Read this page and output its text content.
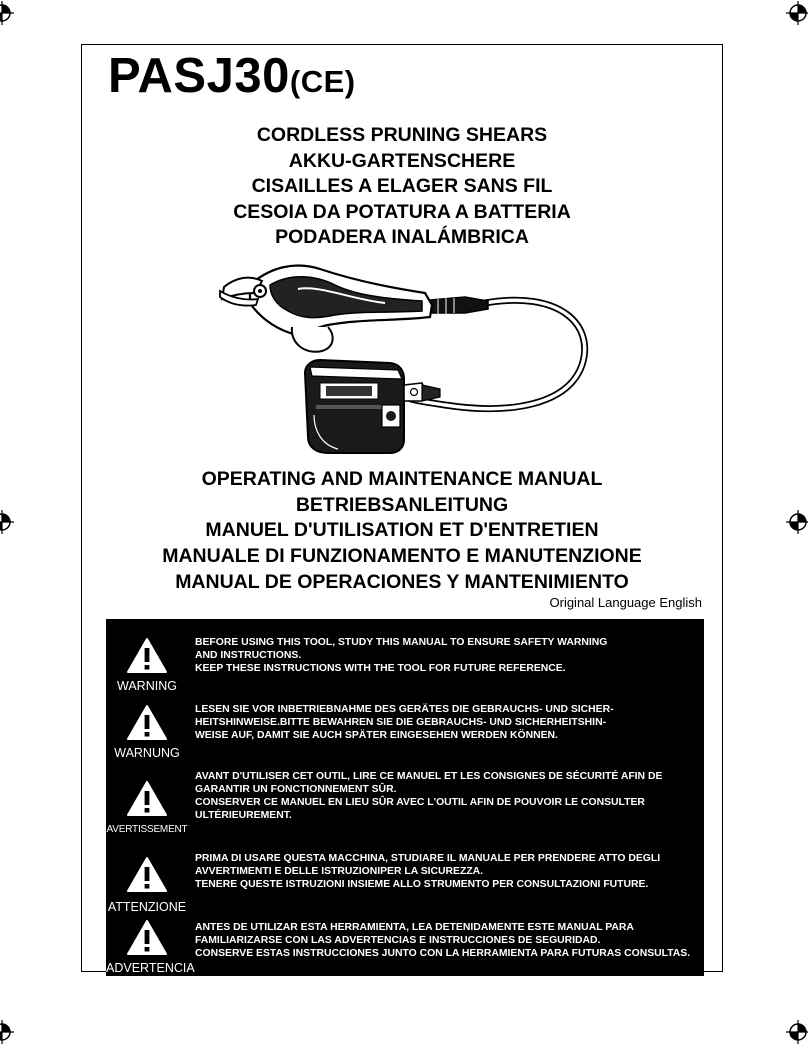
PASJ30(CE)
CORDLESS PRUNING SHEARS
AKKU-GARTENSCHERE
CISAILLES A ELAGER SANS FIL
CESOIA DA POTATURA A BATTERIA
PODADERA INALÁMBRICA
OPERATING AND MAINTENANCE MANUAL
BETRIEBSANLEITUNG
MANUEL D'UTILISATION ET D'ENTRETIEN
MANUALE DI FUNZIONAMENTO E MANUTENZIONE
MANUAL DE OPERACIONES Y MANTENIMIENTO
Original Language English
WARNING
BEFORE USING THIS TOOL, STUDY THIS MANUAL TO ENSURE SAFETY WARNING
AND INSTRUCTIONS.
KEEP THESE INSTRUCTIONS WITH THE TOOL FOR FUTURE REFERENCE.
WARNUNG
LESEN SIE VOR INBETRIEBNAHME DES GERÄTES DIE GEBRAUCHS- UND SICHER-
HEITSHINWEISE.BITTE BEWAHREN SIE DIE GEBRAUCHS- UND SICHERHEITSHIN-
WEISE AUF, DAMIT SIE AUCH SPÄTER EINGESEHEN WERDEN KÖNNEN.
AVERTISSEMENT
AVANT D'UTILISER CET OUTIL, LIRE CE MANUEL ET LES CONSIGNES DE SÉCURITÉ AFIN DE
GARANTIR UN FONCTIONNEMENT SÛR.
CONSERVER CE MANUEL EN LIEU SÛR AVEC L'OUTIL AFIN DE POUVOIR LE CONSULTER
ULTÉRIEUREMENT.
ATTENZIONE
PRIMA DI USARE QUESTA MACCHINA, STUDIARE IL MANUALE PER PRENDERE ATTO DEGLI
AVVERTIMENTI E DELLE ISTRUZIONIPER LA SICUREZZA.
TENERE QUESTE ISTRUZIONI INSIEME ALLO STRUMENTO PER CONSULTAZIONI FUTURE.
ADVERTENCIA
ANTES DE UTILIZAR ESTA HERRAMIENTA, LEA DETENIDAMENTE ESTE MANUAL PARA
FAMILIARIZARSE CON LAS ADVERTENCIAS E INSTRUCCIONES DE SEGURIDAD.
CONSERVE ESTAS INSTRUCCIONES JUNTO CON LA HERRAMIENTA PARA FUTURAS CONSULTAS.
